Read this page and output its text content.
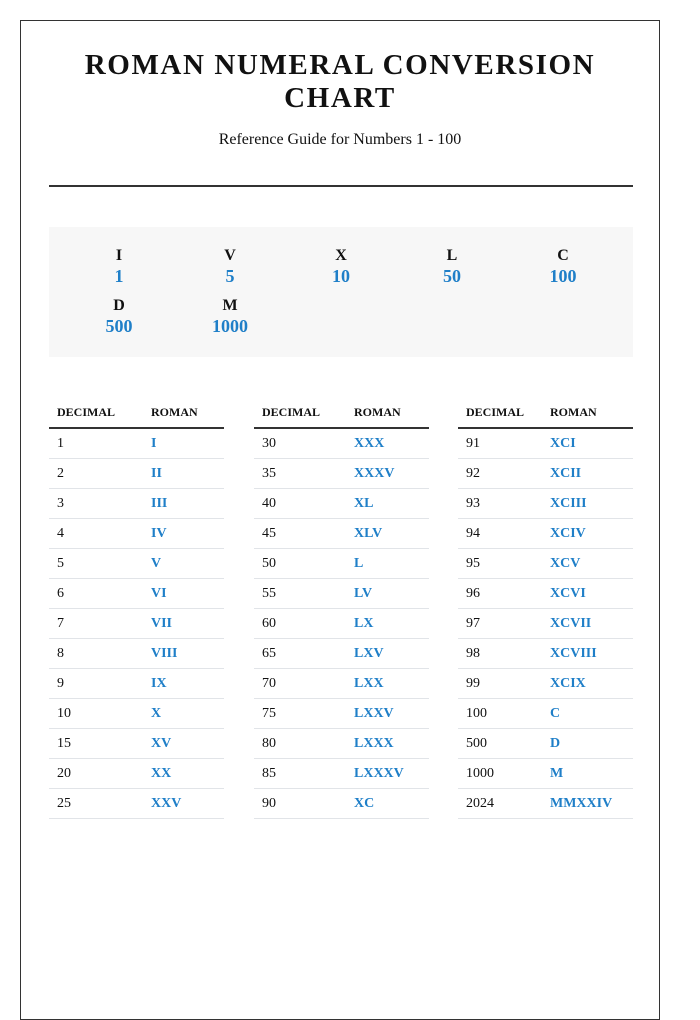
ROMAN NUMERAL CONVERSION
CHART
Reference Guide for Numbers 1 - 100
I
1
V
5
X
10
L
50
C
100
D
500
M
1000
DECIMAL	ROMAN
1	I
2	II
3	III
4	IV
5	V
6	VI
7	VII
8	VIII
9	IX
10	X
15	XV
20	XX
25	XXV
DECIMAL	ROMAN
30	XXX
35	XXXV
40	XL
45	XLV
50	L
55	LV
60	LX
65	LXV
70	LXX
75	LXXV
80	LXXX
85	LXXXV
90	XC
DECIMAL	ROMAN
91	XCI
92	XCII
93	XCIII
94	XCIV
95	XCV
96	XCVI
97	XCVII
98	XCVIII
99	XCIX
100	C
500	D
1000	M
2024	MMXXIV
